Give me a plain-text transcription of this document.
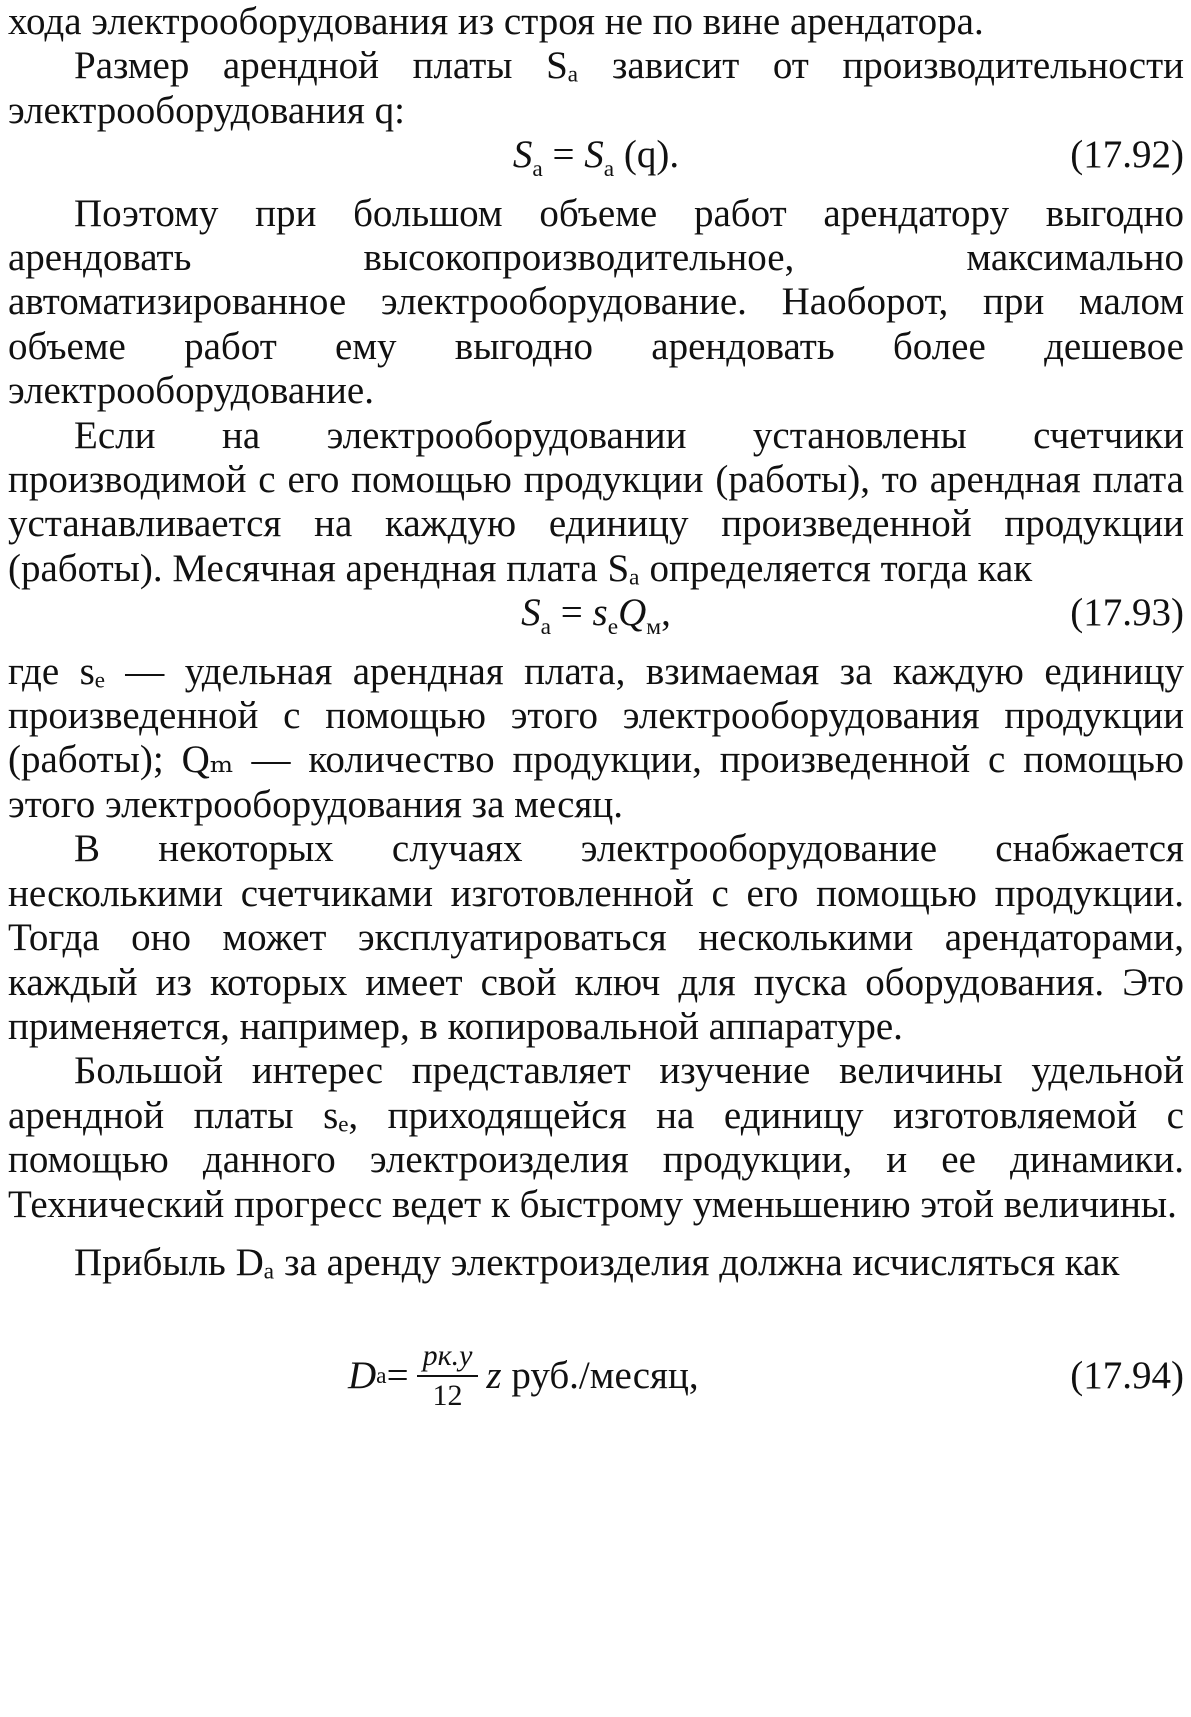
хода электрооборудования из строя не по вине арендатора.

Размер арендной платы Sₐ зависит от производительности электрооборудования q:

$S_а = S_а$ (q).	(17.92)

Поэтому при большом объеме работ арендатору выгодно арендовать высокопроизводительное, максимально автоматизированное электрооборудование. Наоборот, при малом объеме работ ему выгодно арендовать более дешевое электрооборудование.

Если на электрооборудовании установлены счетчики производимой с его помощью продукции (работы), то арендная плата устанавливается на каждую единицу произведенной продукции (работы). Месячная арендная плата Sₐ определяется тогда как

$S_а = s_еQ_м$,	(17.93)

где sₑ — удельная арендная плата, взимаемая за каждую единицу произведенной с помощью этого электрооборудования продукции (работы); Qₘ — количество продукции, произведенной с помощью этого электрооборудования за месяц.

В некоторых случаях электрооборудование снабжается несколькими счетчиками изготовленной с его помощью продукции. Тогда оно может эксплуатироваться несколькими арендаторами, каждый из которых имеет свой ключ для пуска оборудования. Это применяется, например, в копировальной аппаратуре.

Большой интерес представляет изучение величины удельной арендной платы sₑ, приходящейся на единицу изготовляемой с помощью данного электроизделия продукции, и ее динамики. Технический прогресс ведет к быстрому уменьшению этой величины.

Прибыль Dₐ за аренду электроизделия должна исчисляться как

D $а = \frac{pк.у}{12}$ z
руб./месяц,	(17.94)
